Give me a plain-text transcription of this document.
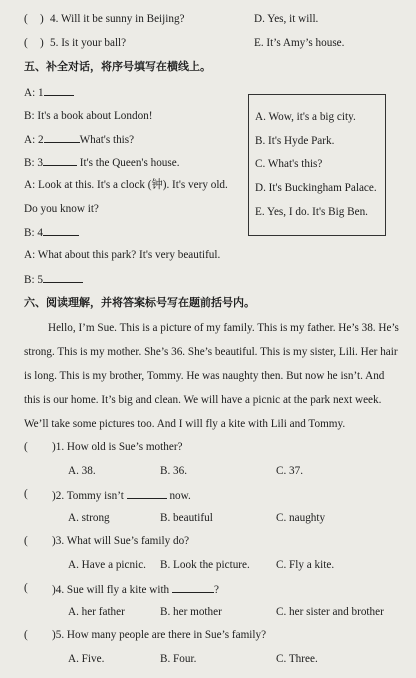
( ) 4. Will it be sunny in Beijing?	D. Yes, it will.
( ) 5. Is it your ball?	E. It’s Amy’s house.
五、补全对话，将序号填写在横线上。
A: 1
B: It's a book about London!
A: 2	What's this?
B: 3	It's the Queen's house.
A: Look at this. It's a clock (钟). It's very old.
Do you know it?
B: 4
A: What about this park? It's very beautiful.
B: 5
A. Wow, it's a big city.
B. It's Hyde Park.
C. What's this?
D. It's Buckingham Palace.
E. Yes, I do. It's Big Ben.
六、阅读理解，并将答案标号写在题前括号内。
Hello, I’m Sue. This is a picture of my family. This is my father. He’s 38. He’s
strong. This is my mother. She’s 36. She’s beautiful. This is my sister, Lili. Her hair
is long. This is my brother, Tommy. He was naughty then. But now he isn’t. And
this is our home. It’s big and clean. We will have a picnic at the park next week.
We’ll take some pictures too. And I will fly a kite with Lili and Tommy.
( )1. How old is Sue’s mother?
A. 38.	B. 36.	C. 37.
( )2. Tommy isn’t	now.
A. strong	B. beautiful	C. naughty
( )3. What will Sue’s family do?
A. Have a picnic. B. Look the picture. C. Fly a kite.
( )4. Sue will fly a kite with	?
A. her father	B. her mother	C. her sister and brother
( )5. How many people are there in Sue’s family?
A. Five.	B. Four.	C. Three.
